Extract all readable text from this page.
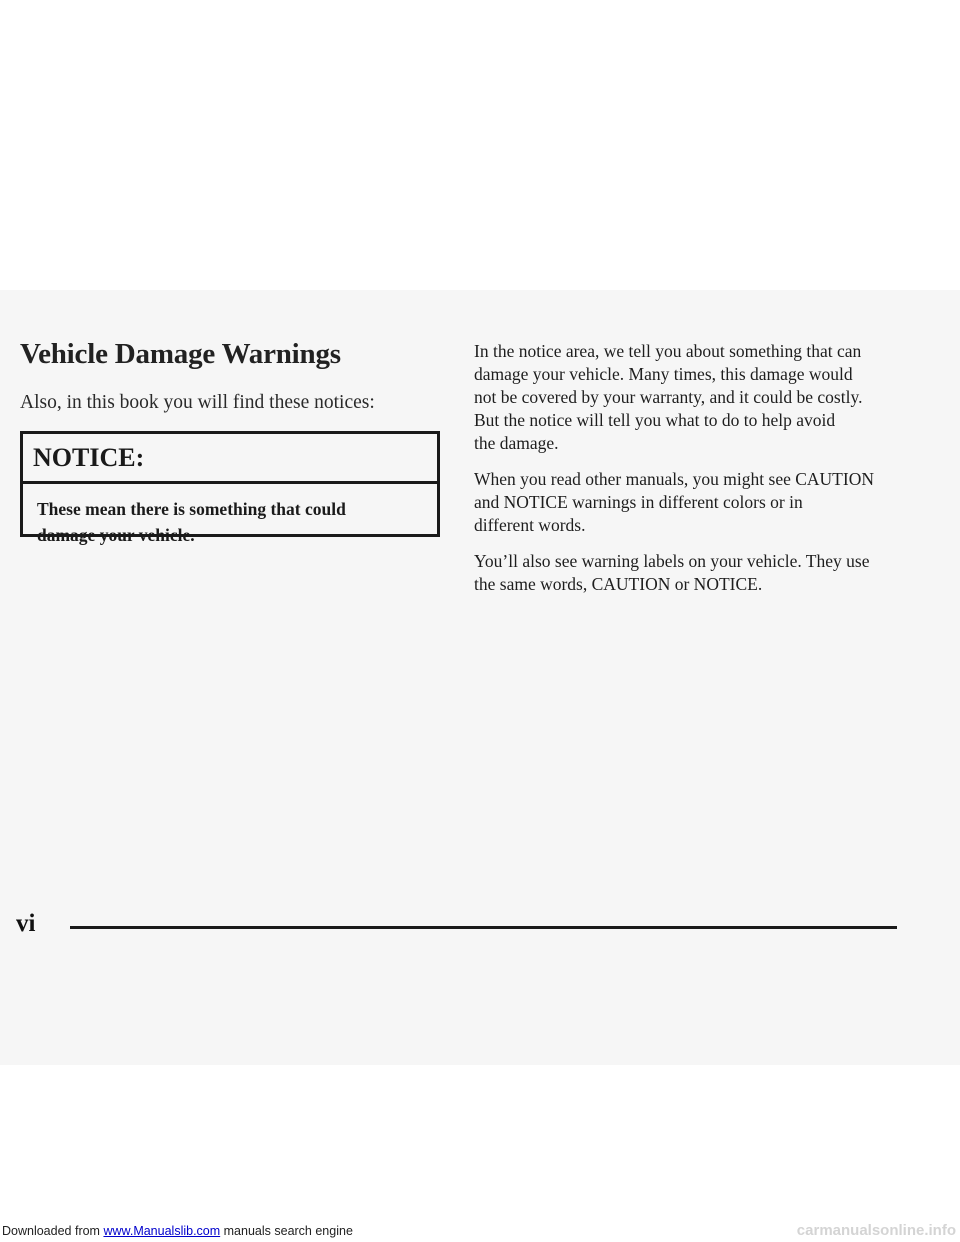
Vehicle Damage Warnings

Also, in this book you will find these notices:

NOTICE:
These mean there is something that could
damage your vehicle.

In the notice area, we tell you about something that can
damage your vehicle. Many times, this damage would
not be covered by your warranty, and it could be costly.
But the notice will tell you what to do to help avoid
the damage.

When you read other manuals, you might see CAUTION
and NOTICE warnings in different colors or in
different words.

You’ll also see warning labels on your vehicle. They use
the same words, CAUTION or NOTICE.

vi
Downloaded from www.Manualslib.com manuals search engine	carmanualsonline.info
